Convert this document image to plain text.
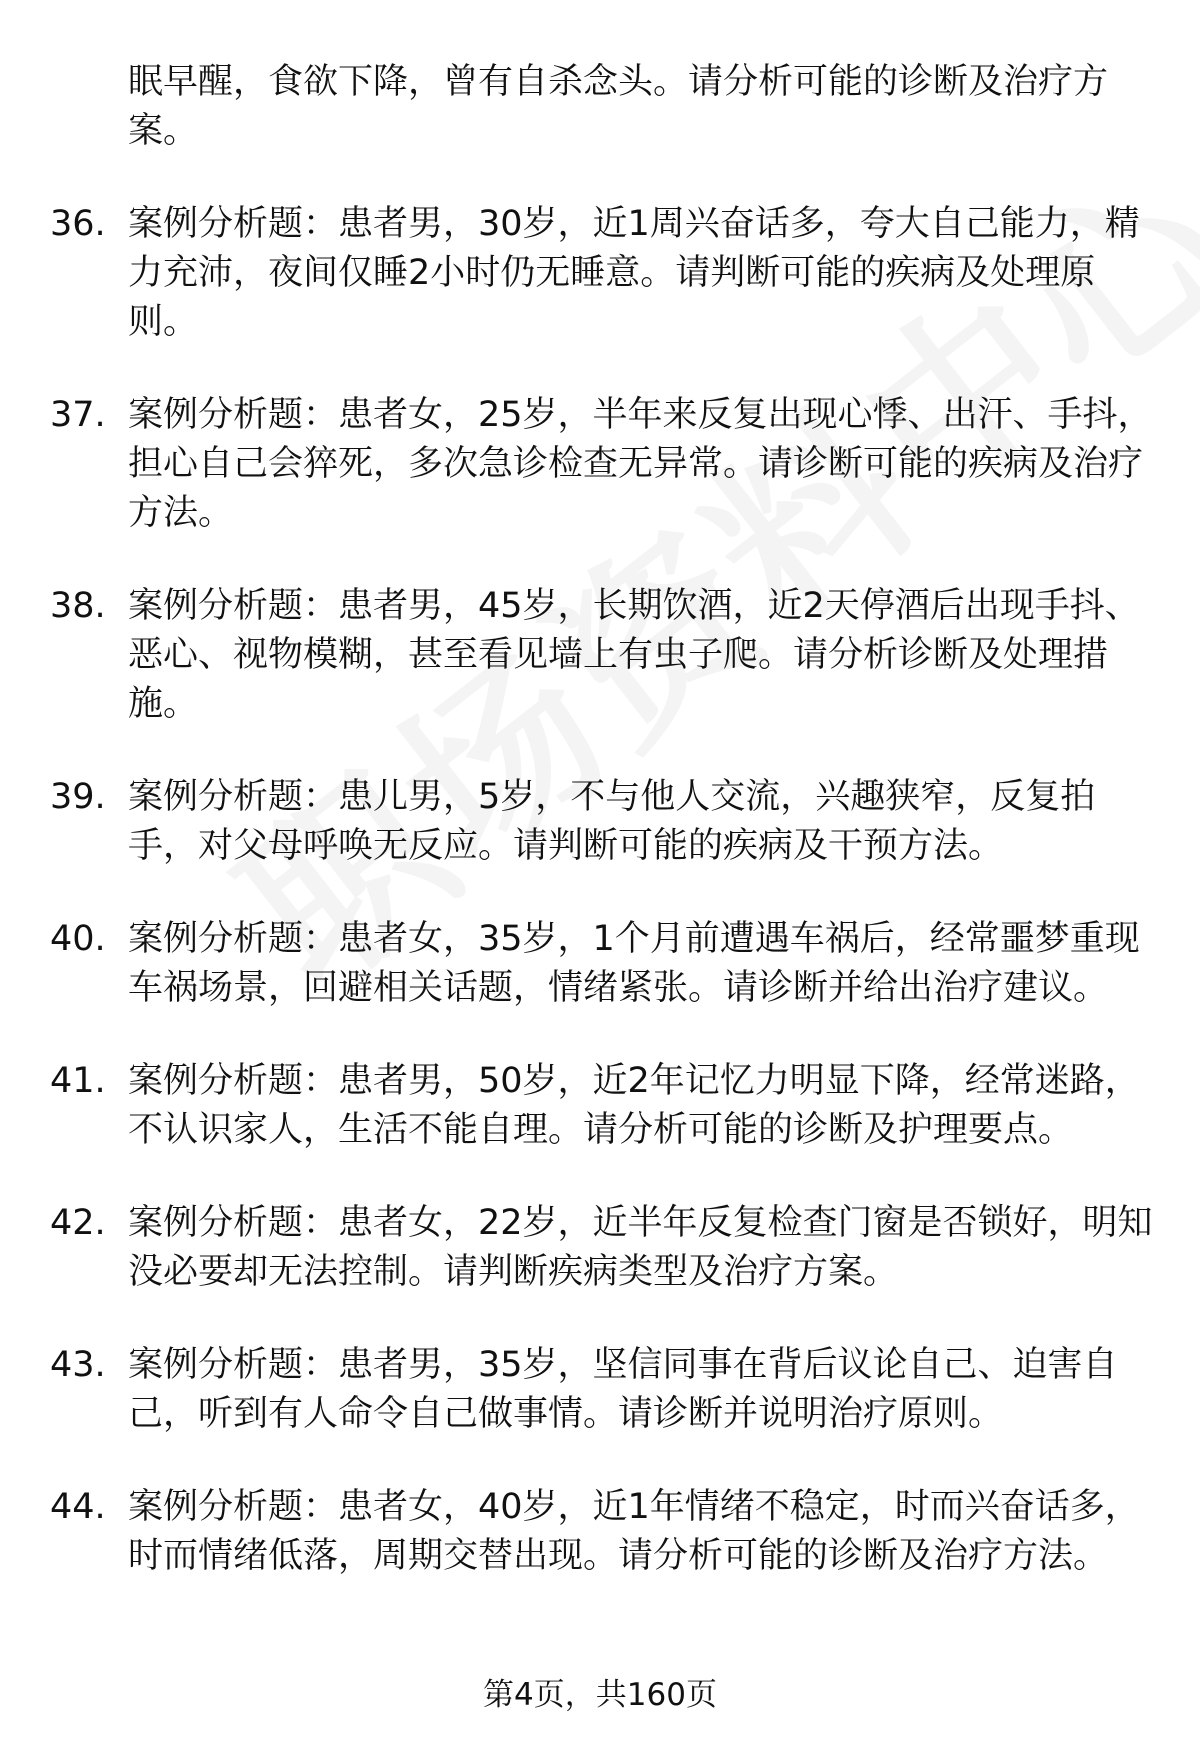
眠早醒，食欲下降，曾有自杀念头。请分析可能的诊断及治疗方案。
36. 案例分析题：患者男，30岁，近1周兴奋话多，夸大自己能力，精力充沛，夜间仅睡2小时仍无睡意。请判断可能的疾病及处理原则。
37. 案例分析题：患者女，25岁，半年来反复出现心悸、出汗、手抖，担心自己会猝死，多次急诊检查无异常。请诊断可能的疾病及治疗方法。
38. 案例分析题：患者男，45岁，长期饮酒，近2天停酒后出现手抖、恶心、视物模糊，甚至看见墙上有虫子爬。请分析诊断及处理措施。
39. 案例分析题：患儿男，5岁，不与他人交流，兴趣狭窄，反复拍手，对父母呼唤无反应。请判断可能的疾病及干预方法。
40. 案例分析题：患者女，35岁，1个月前遭遇车祸后，经常噩梦重现车祸场景，回避相关话题，情绪紧张。请诊断并给出治疗建议。
41. 案例分析题：患者男，50岁，近2年记忆力明显下降，经常迷路，不认识家人，生活不能自理。请分析可能的诊断及护理要点。
42. 案例分析题：患者女，22岁，近半年反复检查门窗是否锁好，明知没必要却无法控制。请判断疾病类型及治疗方案。
43. 案例分析题：患者男，35岁，坚信同事在背后议论自己、迫害自己，听到有人命令自己做事情。请诊断并说明治疗原则。
44. 案例分析题：患者女，40岁，近1年情绪不稳定，时而兴奋话多，时而情绪低落，周期交替出现。请分析可能的诊断及治疗方法。
第4页，共160页
